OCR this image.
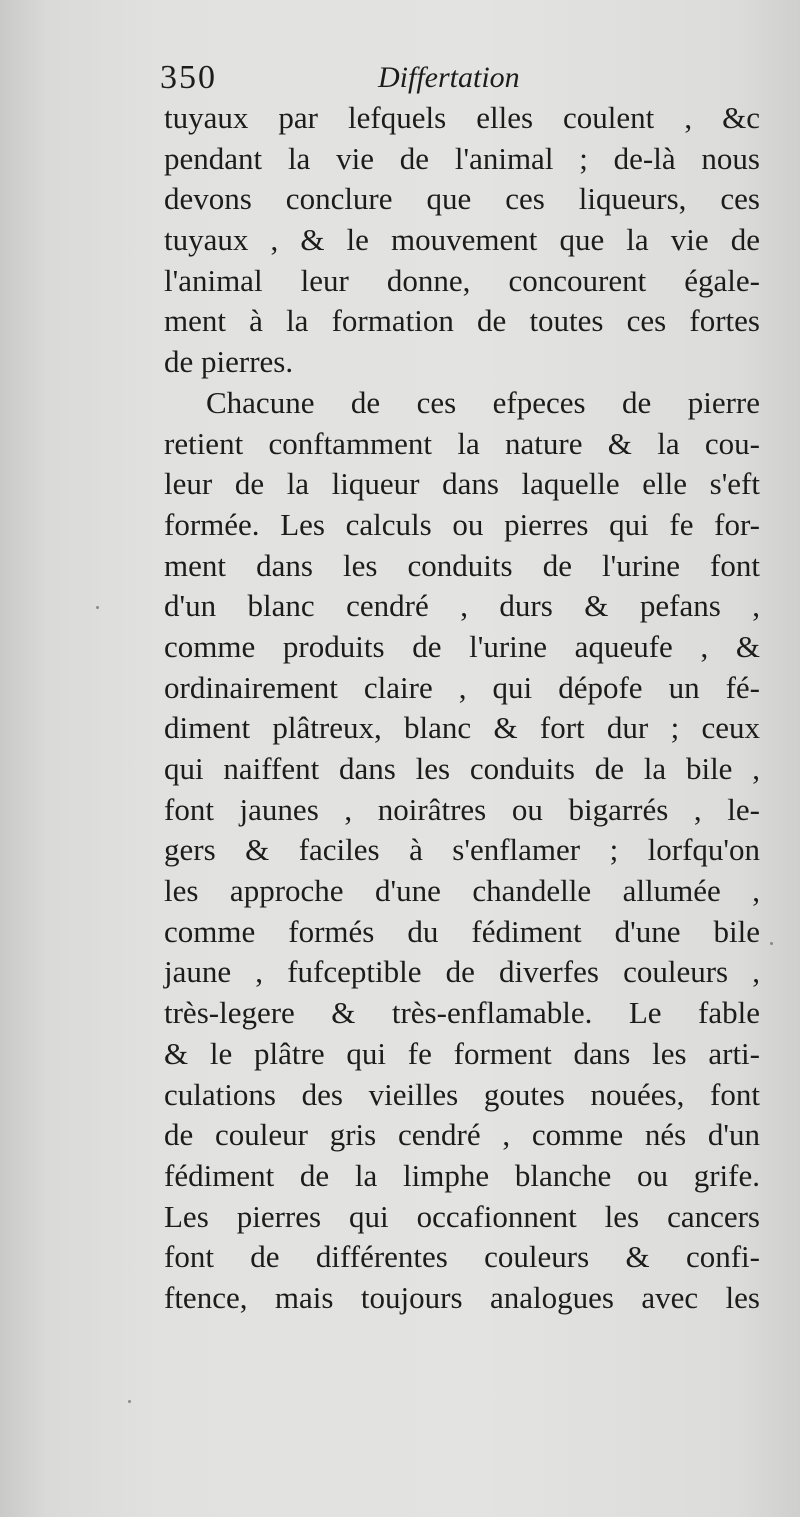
350	Differtation
tuyaux par lefquels elles coulent , &c
pendant la vie de l'animal ; de-là nous
devons conclure que ces liqueurs, ces
tuyaux , & le mouvement que la vie de
l'animal leur donne, concourent égale-
ment à la formation de toutes ces fortes
de pierres.
Chacune de ces efpeces de pierre
retient conftamment la nature & la cou-
leur de la liqueur dans laquelle elle s'eft
formée. Les calculs ou pierres qui fe for-
ment dans les conduits de l'urine font
d'un blanc cendré , durs & pefans ,
comme produits de l'urine aqueufe , &
ordinairement claire , qui dépofe un fé-
diment plâtreux, blanc & fort dur ; ceux
qui naiffent dans les conduits de la bile ,
font jaunes , noirâtres ou bigarrés , le-
gers & faciles à s'enflamer ; lorfqu'on
les approche d'une chandelle allumée ,
comme formés du fédiment d'une bile
jaune , fufceptible de diverfes couleurs ,
très-legere & très-enflamable. Le fable
& le plâtre qui fe forment dans les arti-
culations des vieilles goutes nouées, font
de couleur gris cendré , comme nés d'un
fédiment de la limphe blanche ou grife.
Les pierres qui occafionnent les cancers
font de différentes couleurs & confi-
ftence, mais toujours analogues avec les
